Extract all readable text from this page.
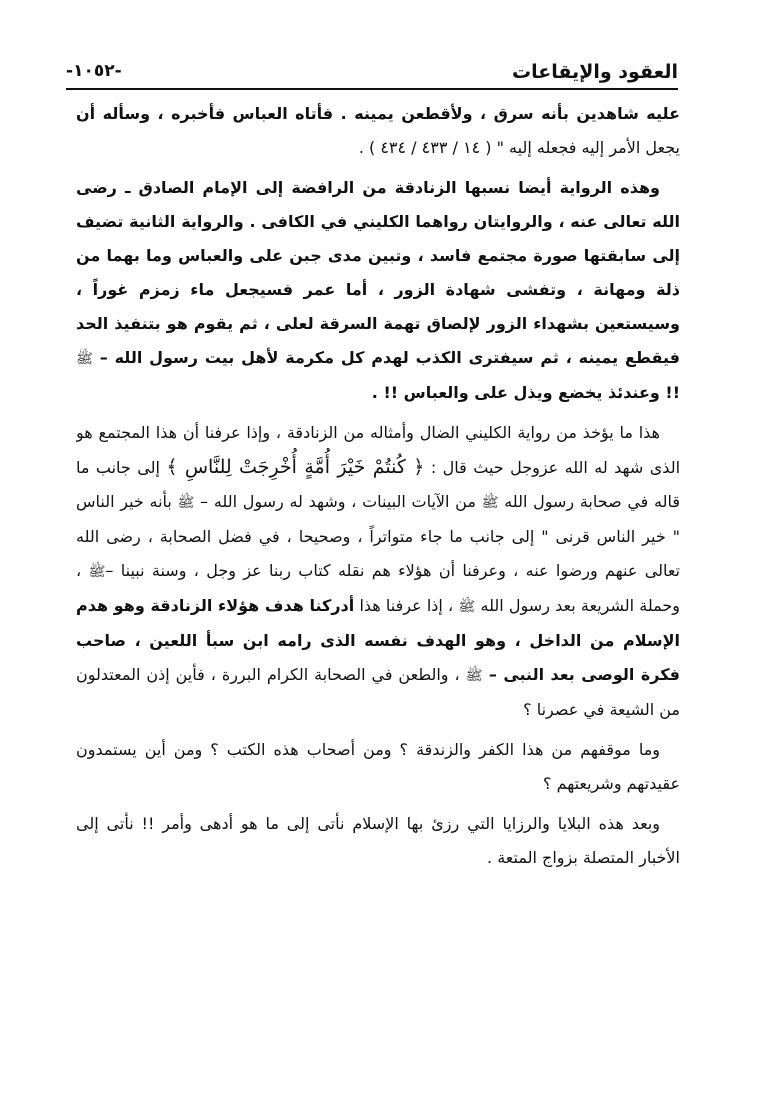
العقود والإيقاعات
-١٠٥٢-

عليه شاهدين بأنه سرق ، ولأقطعن يمينه . فأتاه العباس فأخبره ، وسأله أن يجعل الأمر إليه فجعله إليه " ( ١٤ / ٤٣٣ / ٤٣٤ ) .

وهذه الرواية أيضا نسبها الزنادقة من الرافضة إلى الإمام الصادق ـ رضى الله تعالى عنه ، والروايتان رواهما الكليني في الكافى . والرواية الثانية تضيف إلى سابقتها صورة مجتمع فاسد ، وتبين مدى جبن على والعباس وما بهما من ذلة ومهانة ، وتفشى شهادة الزور ، أما عمر فسيجعل ماء زمزم غوراً ، وسيستعين بشهداء الزور لإلصاق تهمة السرقة لعلى ، ثم يقوم هو بتنفيذ الحد فيقطع يمينه ، ثم سيفترى الكذب لهدم كل مكرمة لأهل بيت رسول الله – ﷺ !! وعندئذ يخضع ويذل على والعباس !! .

هذا ما يؤخذ من رواية الكليني الضال وأمثاله من الزنادقة ، وإذا عرفنا أن هذا المجتمع هو الذى شهد له الله عزوجل حيث قال : ﴿ كُنتُمْ خَيْرَ أُمَّةٍ أُخْرِجَتْ لِلنَّاسِ ﴾ إلى جانب ما قاله في صحابة رسول الله ﷺ من الآيات البينات ، وشهد له رسول الله – ﷺ بأنه خير الناس " خير الناس قرنى " إلى جانب ما جاء متواتراً ، وصحيحا ، في فضل الصحابة ، رضى الله تعالى عنهم ورضوا عنه ، وعرفنا أن هؤلاء هم نقله كتاب ربنا عز وجل ، وسنة نبينا –ﷺ ، وحملة الشريعة بعد رسول الله ﷺ ، إذا عرفنا هذا أدركنا هدف هؤلاء الزنادقة وهو هدم الإسلام من الداخل ، وهو الهدف نفسه الذى رامه ابن سبأ اللعين ، صاحب فكرة الوصى بعد النبى – ﷺ ، والطعن في الصحابة الكرام البررة ، فأين إذن المعتدلون من الشيعة في عصرنا ؟

وما موقفهم من هذا الكفر والزندقة ؟ ومن أصحاب هذه الكتب ؟ ومن أين يستمدون عقيدتهم وشريعتهم ؟

وبعد هذه البلايا والرزايا التي رزئ بها الإسلام نأتى إلى ما هو أدهى وأمر !! نأتى إلى الأخبار المتصلة بزواج المتعة .
